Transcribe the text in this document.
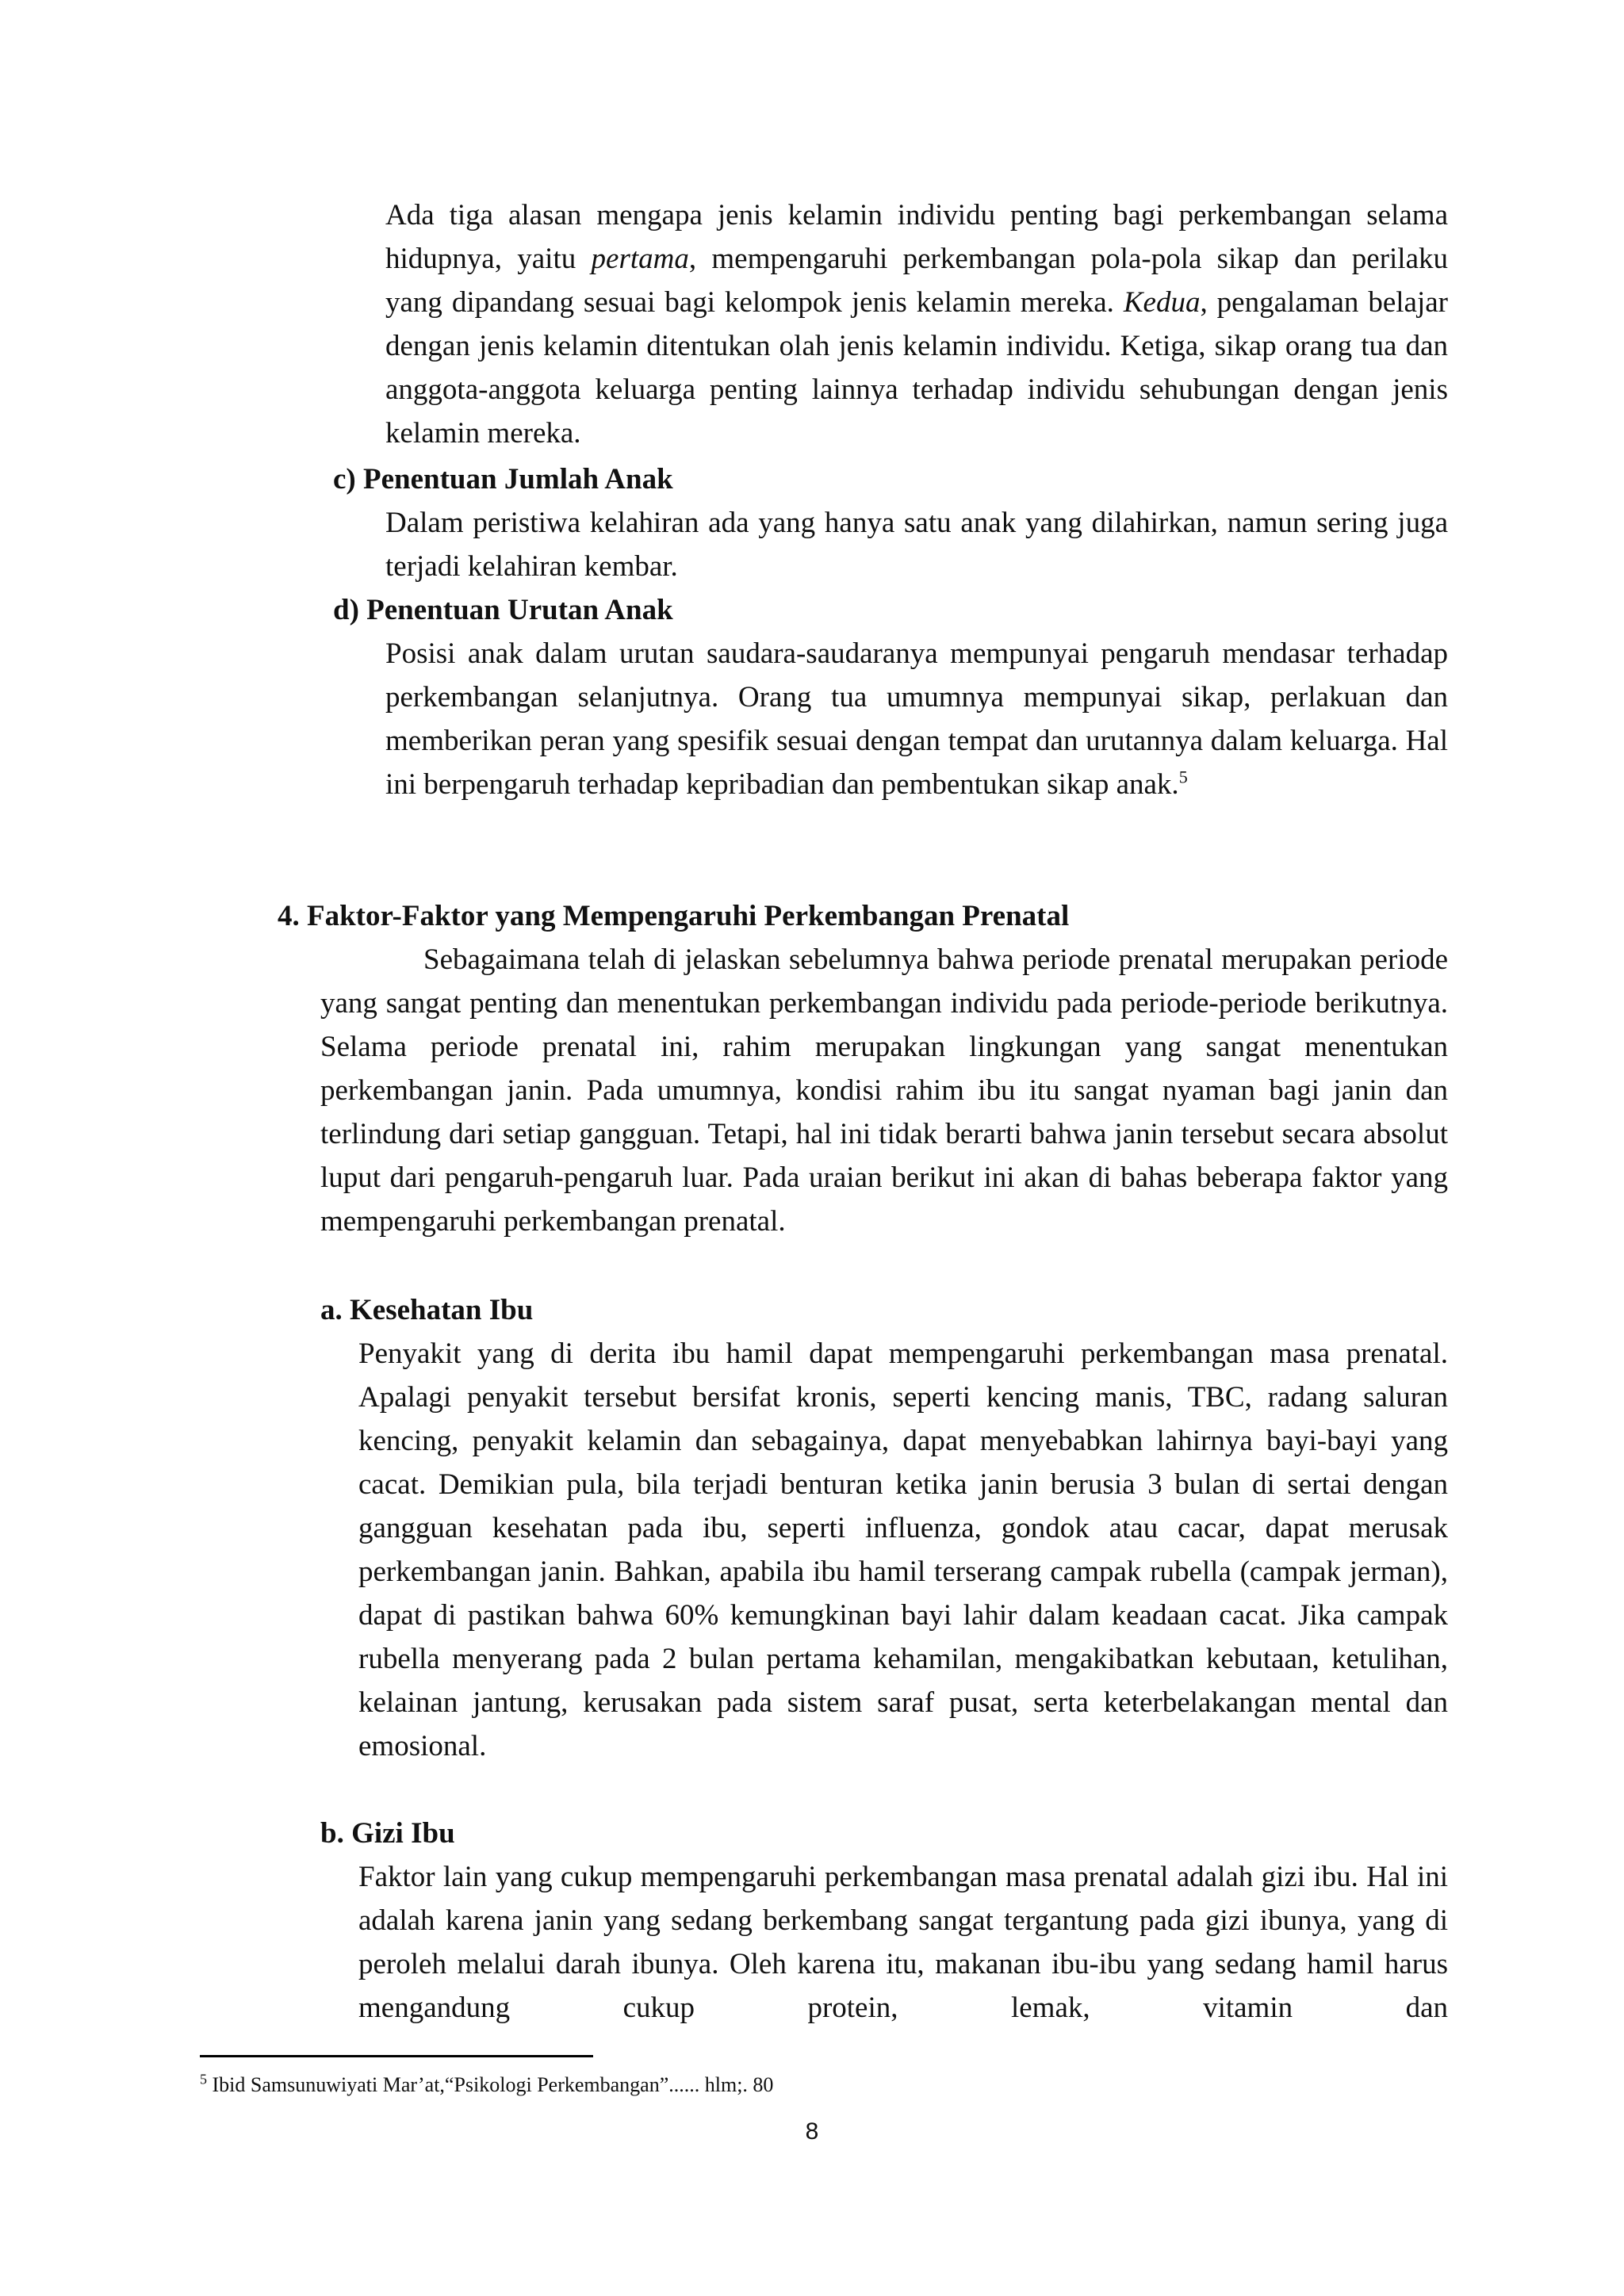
Ada tiga alasan mengapa jenis kelamin individu penting bagi perkembangan selama hidupnya, yaitu pertama, mempengaruhi perkembangan pola-pola sikap dan perilaku yang dipandang sesuai bagi kelompok jenis kelamin mereka. Kedua, pengalaman belajar dengan jenis kelamin ditentukan olah jenis kelamin individu. Ketiga, sikap orang tua dan anggota-anggota keluarga penting lainnya terhadap individu sehubungan dengan jenis kelamin mereka.

c) Penentuan Jumlah Anak

Dalam peristiwa kelahiran ada yang hanya satu anak yang dilahirkan, namun sering juga terjadi kelahiran kembar.

d) Penentuan Urutan Anak

Posisi anak dalam urutan saudara-saudaranya mempunyai pengaruh mendasar terhadap perkembangan selanjutnya. Orang tua umumnya mempunyai sikap, perlakuan dan memberikan peran yang spesifik sesuai dengan tempat dan urutannya dalam keluarga. Hal ini berpengaruh terhadap kepribadian dan pembentukan sikap anak.$^5$

4. Faktor-Faktor yang Mempengaruhi Perkembangan Prenatal

Sebagaimana telah di jelaskan sebelumnya bahwa periode prenatal merupakan periode yang sangat penting dan menentukan perkembangan individu pada periode-periode berikutnya. Selama periode prenatal ini, rahim merupakan lingkungan yang sangat menentukan perkembangan janin. Pada umumnya, kondisi rahim ibu itu sangat nyaman bagi janin dan terlindung dari setiap gangguan. Tetapi, hal ini tidak berarti bahwa janin tersebut secara absolut luput dari pengaruh-pengaruh luar. Pada uraian berikut ini akan di bahas beberapa faktor yang mempengaruhi perkembangan prenatal.

a. Kesehatan Ibu

Penyakit yang di derita ibu hamil dapat mempengaruhi perkembangan masa prenatal. Apalagi penyakit tersebut bersifat kronis, seperti kencing manis, TBC, radang saluran kencing, penyakit kelamin dan sebagainya, dapat menyebabkan lahirnya bayi-bayi yang cacat. Demikian pula, bila terjadi benturan ketika janin berusia 3 bulan di sertai dengan gangguan kesehatan pada ibu, seperti influenza, gondok atau cacar, dapat merusak perkembangan janin. Bahkan, apabila ibu hamil terserang campak rubella (campak jerman), dapat di pastikan bahwa 60% kemungkinan bayi lahir dalam keadaan cacat. Jika campak rubella menyerang pada 2 bulan pertama kehamilan, mengakibatkan kebutaan, ketulihan, kelainan jantung, kerusakan pada sistem saraf pusat, serta keterbelakangan mental dan emosional.

b. Gizi Ibu

Faktor lain yang cukup mempengaruhi perkembangan masa prenatal adalah gizi ibu. Hal ini adalah karena janin yang sedang berkembang sangat tergantung pada gizi ibunya, yang di peroleh melalui darah ibunya. Oleh karena itu, makanan ibu-ibu yang sedang hamil harus mengandung cukup protein, lemak, vitamin dan

$^5$ Ibid Samsunuwiyati Mar’at,“Psikologi Perkembangan”...... hlm;. 80
8
